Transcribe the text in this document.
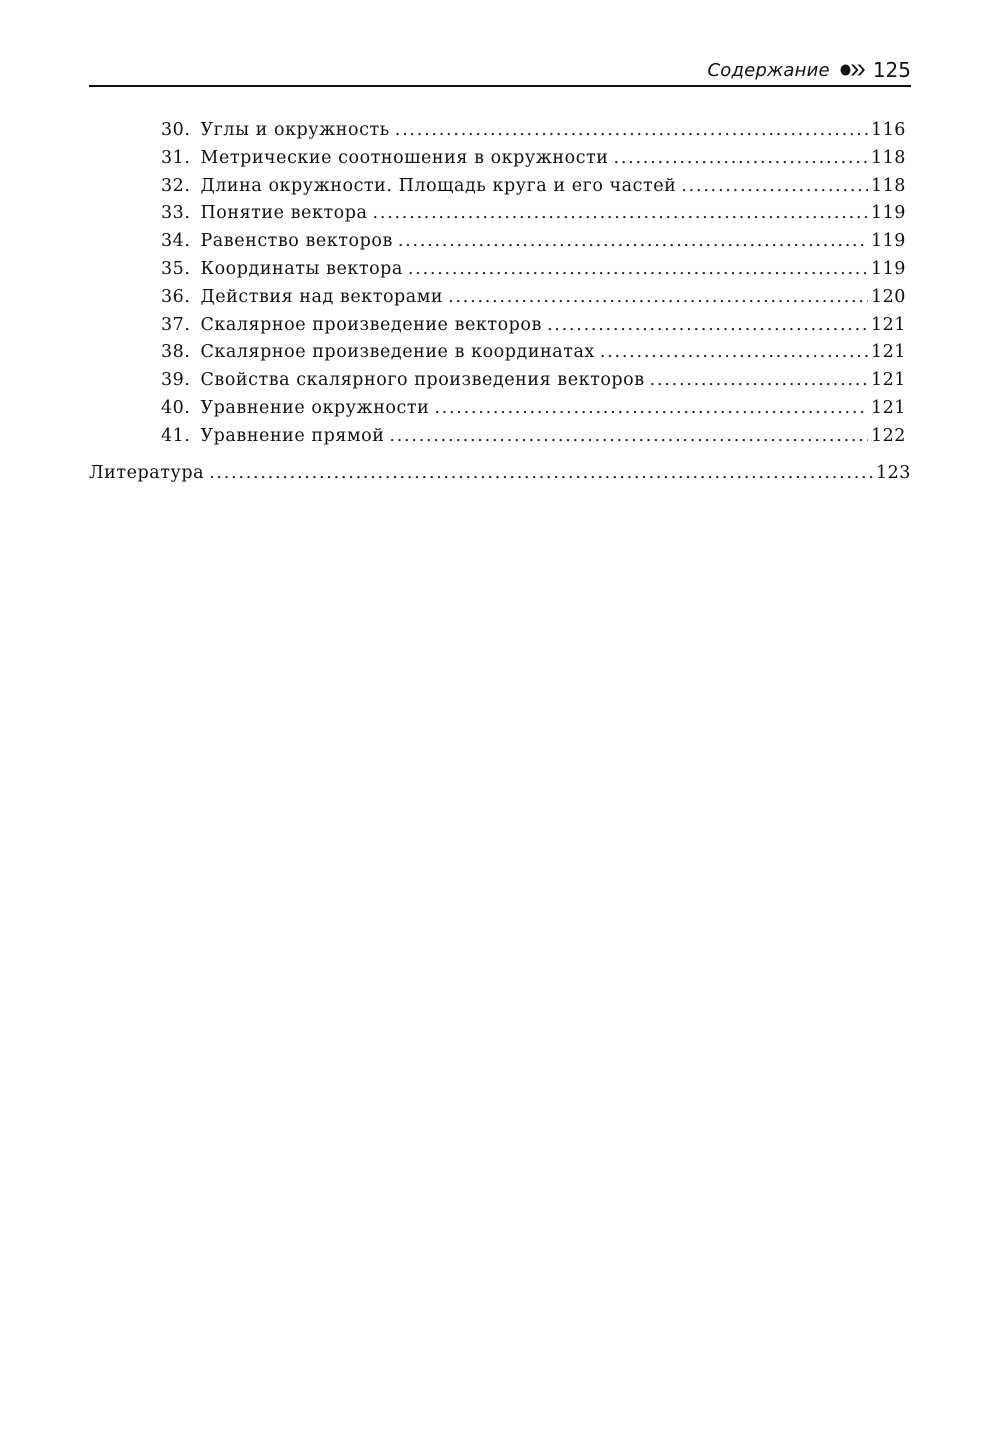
Содержание 125
30. Углы и окружность . . .	116
31. Метрические соотношения в окружности . . .	118
32. Длина окружности. Площадь круга и его частей . . .	118
33. Понятие вектора . . .	119
34. Равенство векторов . . .	119
35. Координаты вектора . . .	119
36. Действия над векторами . . .	120
37. Скалярное произведение векторов . . .	121
38. Скалярное произведение в координатах . . .	121
39. Свойства скалярного произведения векторов . . .	121
40. Уравнение окружности . . .	121
41. Уравнение прямой . . .	122
Литература . . .	123
